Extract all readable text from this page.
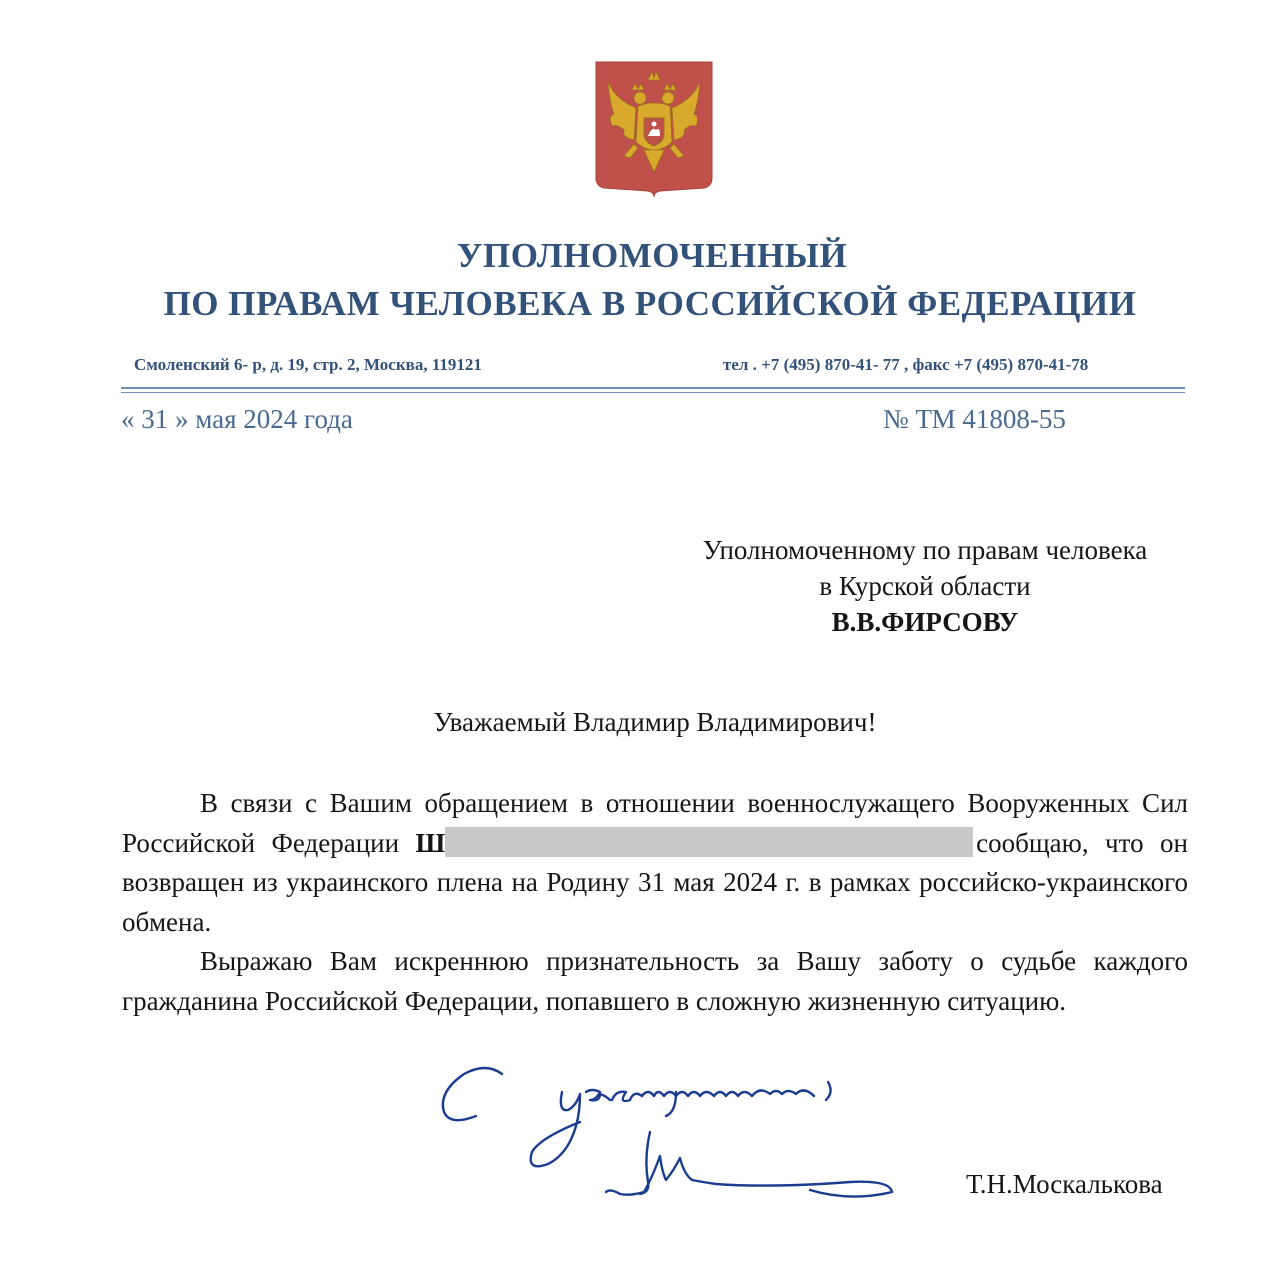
УПОЛНОМОЧЕННЫЙ
ПО ПРАВАМ ЧЕЛОВЕКА В РОССИЙСКОЙ ФЕДЕРАЦИИ
Смоленский 6- р, д. 19, стр. 2, Москва, 119121	тел . +7 (495) 870-41- 77 , факс +7 (495) 870-41-78
« 31 » мая 2024 года	№ ТМ 41808-55
Уполномоченному по правам человека
в Курской области
В.В.ФИРСОВУ
Уважаемый Владимир Владимирович!

В связи с Вашим обращением в отношении военнослужащего Вооруженных Сил Российской Федерации Ш	сообщаю, что он возвращен из украинского плена на Родину 31 мая 2024 г. в рамках российско-украинского обмена.

Выражаю Вам искреннюю признательность за Вашу заботу о судьбе каждого гражданина Российской Федерации, попавшего в сложную жизненную ситуацию.

Т.Н.Москалькова
